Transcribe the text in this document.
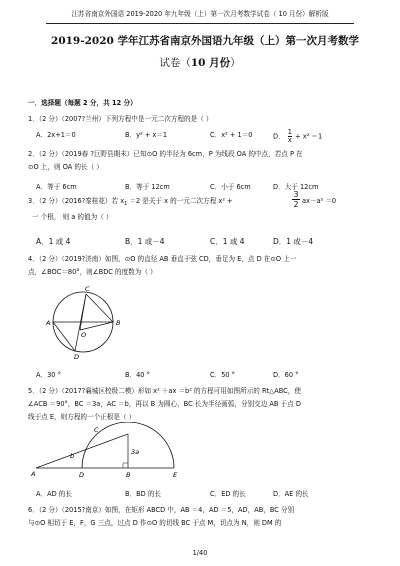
江苏省南京外国语 2019-2020 年九年级（上）第一次月考数学试卷（ 10 月份）解析版
2019-2020 学年江苏省南京外国语九年级（上）第一次月考数学
试卷（10 月份）
一．选择题（每题 2 分，共 12 分）
1．（2 分）（2007?兰州）下列方程中是一元二次方程的是（ ）
A．2x+1＝0	B．y² + x＝1	C．x² + 1＝0	D． $\frac{1}{x} + x^2 =1$
2．（2 分）（2019春 ?巨野县期末）已知⊙O 的半径为 6cm，P 为线段 OA 的中点，若点 P 在
⊙O 上，则 OA 的长（ ）
A．等于 6cm	B．等于 12cm	C．小于 6cm	D．大于 12cm
3．（2 分）（2016?秦桂花）若 $x_1 =2$ 是关于 x 的一元二次方程 x² +	$\frac{3}{2} ax-a^2 =0$
一 个根， 则 a 的值为（ ）
A．1 或 4	B．1 或－4	C．1 或 4	D．1 或－4
4．（2 分）（2019?济南）如图，⊙O 的直径 AB 垂直于弦 CD，垂足为 E，点 D 在⊙O 上一
点，∠BOC＝80°，则∠BDC 的度数为（ ）
A	B
C
D
O
A．30 °	B．40 °	C．50 °	D．60 °
5．（2 分）（2017?襄城区校级二模）形如 x² ＋ax ＝b² 的方程可用如图所示的 Rt△ABC，使
∠ACB ＝90°，BC ＝3a，AC ＝b，再以 B 为圆心、BC 长为半径画弧，分别交边 AB 于点 D
线于点 E，则方程的一个正根是（ ）
A	D	B	E
C
b	3a
A．AD 的长	B．BD 的长	C．ED 的长	D．AE 的长
6．（2 分）（2015?南京）如图，在矩形 ABCD 中，AB ＝4，AD ＝5，AD，AB，BC 分别
与⊙O 相切于 E，F，G 三点，过点 D 作⊙O 的切线 BC 于点 M，切点为 N，则 DM 的
1/40
